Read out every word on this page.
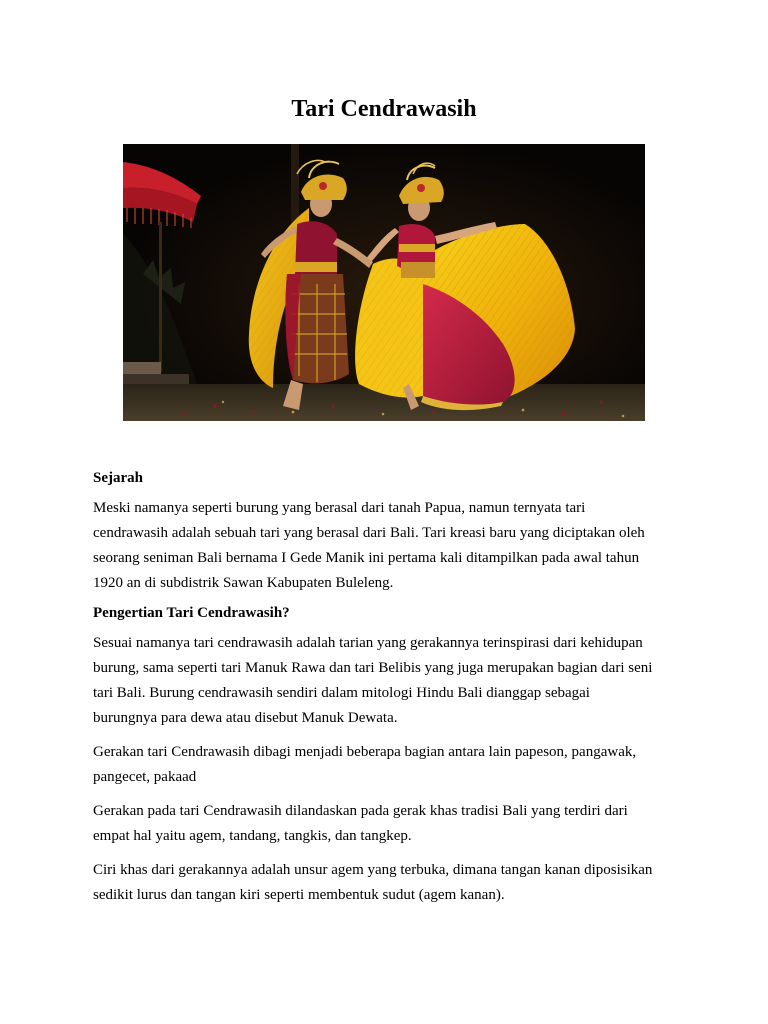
Tari Cendrawasih
Sejarah

Meski namanya seperti burung yang berasal dari tanah Papua, namun ternyata tari
cendrawasih adalah sebuah tari yang berasal dari Bali. Tari kreasi baru yang diciptakan oleh
seorang seniman Bali bernama I Gede Manik ini pertama kali ditampilkan pada awal tahun
1920 an di subdistrik Sawan Kabupaten Buleleng.

Pengertian Tari Cendrawasih?

Sesuai namanya tari cendrawasih adalah tarian yang gerakannya terinspirasi dari kehidupan
burung, sama seperti tari Manuk Rawa dan tari Belibis yang juga merupakan bagian dari seni
tari Bali. Burung cendrawasih sendiri dalam mitologi Hindu Bali dianggap sebagai
burungnya para dewa atau disebut Manuk Dewata.

Gerakan tari Cendrawasih dibagi menjadi beberapa bagian antara lain papeson, pangawak,
pangecet, pakaad

Gerakan pada tari Cendrawasih dilandaskan pada gerak khas tradisi Bali yang terdiri dari
empat hal yaitu agem, tandang, tangkis, dan tangkep.

Ciri khas dari gerakannya adalah unsur agem yang terbuka, dimana tangan kanan diposisikan
sedikit lurus dan tangan kiri seperti membentuk sudut (agem kanan).
